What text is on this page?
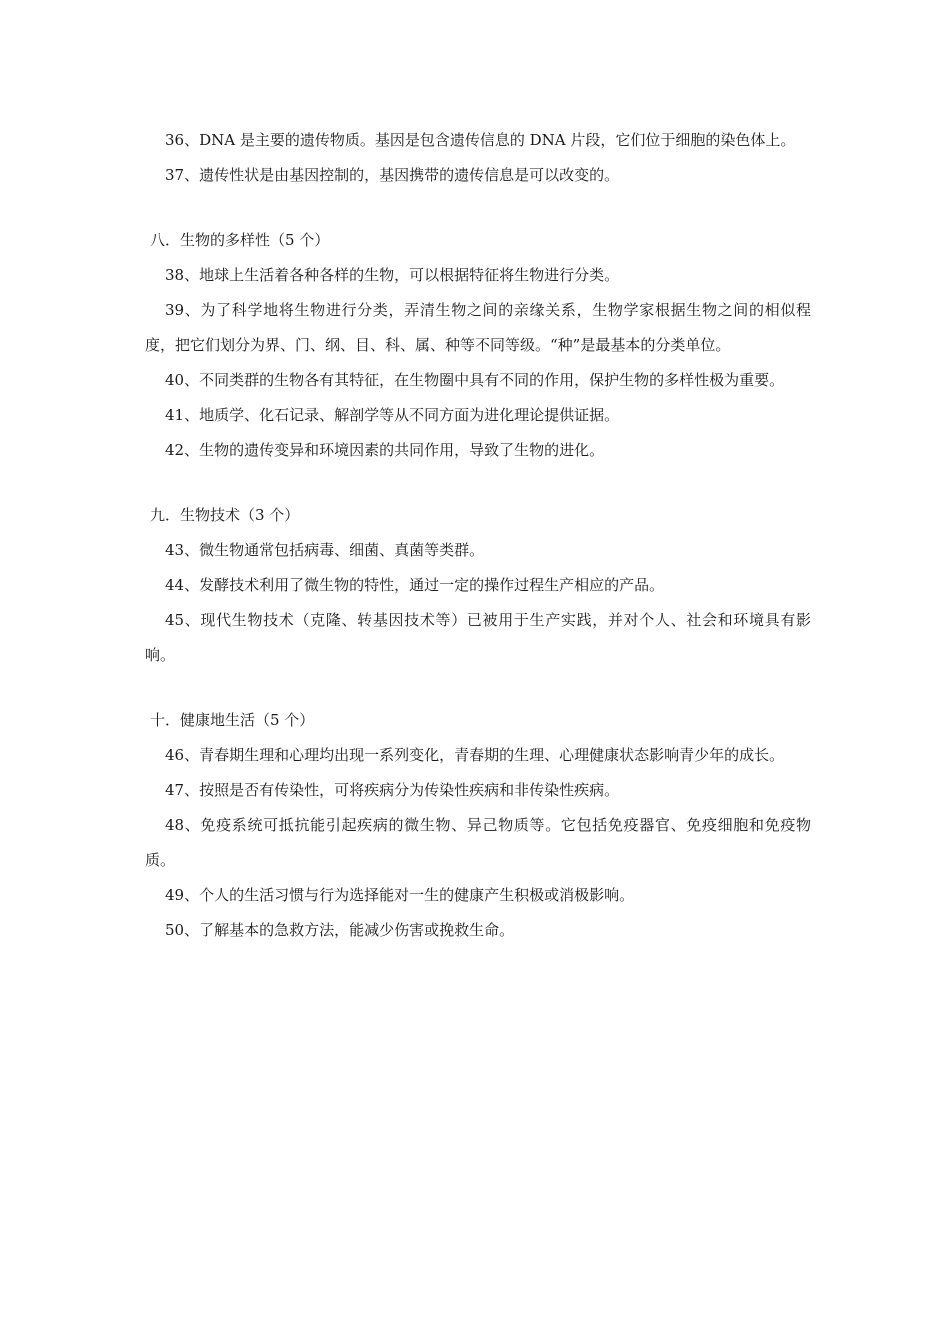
36、DNA 是主要的遗传物质。基因是包含遗传信息的 DNA 片段，它们位于细胞的染色体上。

37、遗传性状是由基因控制的，基因携带的遗传信息是可以改变的。

八．生物的多样性（5 个）

38、地球上生活着各种各样的生物，可以根据特征将生物进行分类。

39、为了科学地将生物进行分类，弄清生物之间的亲缘关系，生物学家根据生物之间的相似程度，把它们划分为界、门、纲、目、科、属、种等不同等级。“种”是最基本的分类单位。

40、不同类群的生物各有其特征，在生物圈中具有不同的作用，保护生物的多样性极为重要。

41、地质学、化石记录、解剖学等从不同方面为进化理论提供证据。

42、生物的遗传变异和环境因素的共同作用，导致了生物的进化。

九．生物技术（3 个）

43、微生物通常包括病毒、细菌、真菌等类群。

44、发酵技术利用了微生物的特性，通过一定的操作过程生产相应的产品。

45、现代生物技术（克隆、转基因技术等）已被用于生产实践，并对个人、社会和环境具有影响。

十．健康地生活（5 个）

46、青春期生理和心理均出现一系列变化，青春期的生理、心理健康状态影响青少年的成长。

47、按照是否有传染性，可将疾病分为传染性疾病和非传染性疾病。

48、免疫系统可抵抗能引起疾病的微生物、异己物质等。它包括免疫器官、免疫细胞和免疫物质。

49、个人的生活习惯与行为选择能对一生的健康产生积极或消极影响。

50、了解基本的急救方法，能减少伤害或挽救生命。
